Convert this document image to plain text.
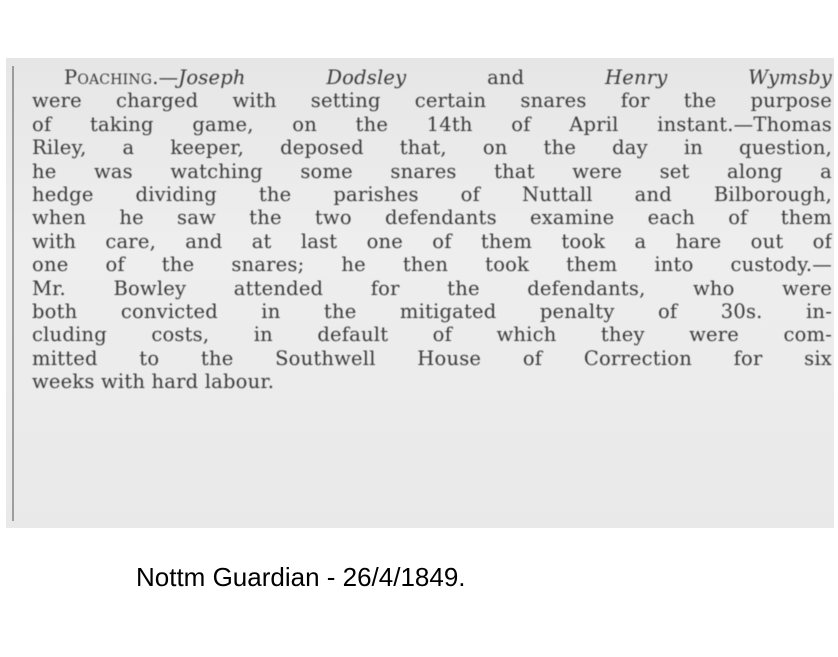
Poaching.—Joseph Dodsley and Henry Wymsby
were charged with setting certain snares for the purpose
of taking game, on the 14th of April instant.—Thomas
Riley, a keeper, deposed that, on the day in question,
he was watching some snares that were set along a
hedge dividing the parishes of Nuttall and Bilborough,
when he saw the two defendants examine each of them
with care, and at last one of them took a hare out of
one of the snares; he then took them into custody.—
Mr. Bowley attended for the defendants, who were
both convicted in the mitigated penalty of 30s. in-
cluding costs, in default of which they were com-
mitted to the Southwell House of Correction for six
weeks with hard labour.
Nottm Guardian - 26/4/1849.
